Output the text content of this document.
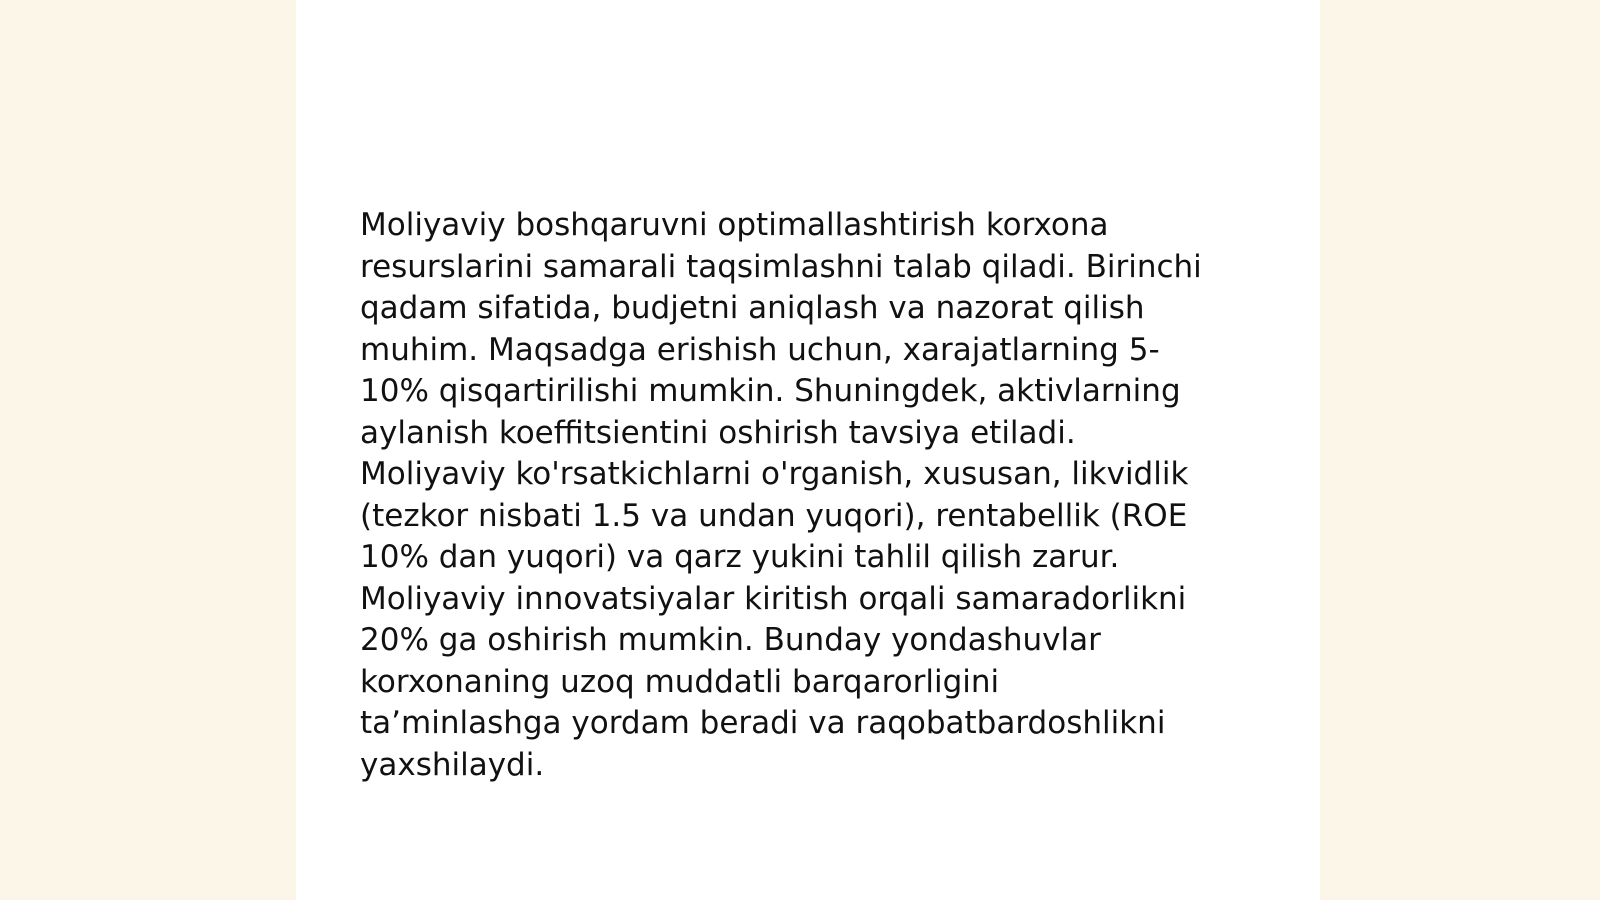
Moliyaviy boshqaruvni optimallashtirish korxona
resurslarini samarali taqsimlashni talab qiladi. Birinchi
qadam sifatida, budjetni aniqlash va nazorat qilish
muhim. Maqsadga erishish uchun, xarajatlarning 5-
10% qisqartirilishi mumkin. Shuningdek, aktivlarning
aylanish koeffitsientini oshirish tavsiya etiladi.
Moliyaviy ko'rsatkichlarni o'rganish, xususan, likvidlik
(tezkor nisbati 1.5 va undan yuqori), rentabellik (ROE
10% dan yuqori) va qarz yukini tahlil qilish zarur.
Moliyaviy innovatsiyalar kiritish orqali samaradorlikni
20% ga oshirish mumkin. Bunday yondashuvlar
korxonaning uzoq muddatli barqarorligini
ta’minlashga yordam beradi va raqobatbardoshlikni
yaxshilaydi.
